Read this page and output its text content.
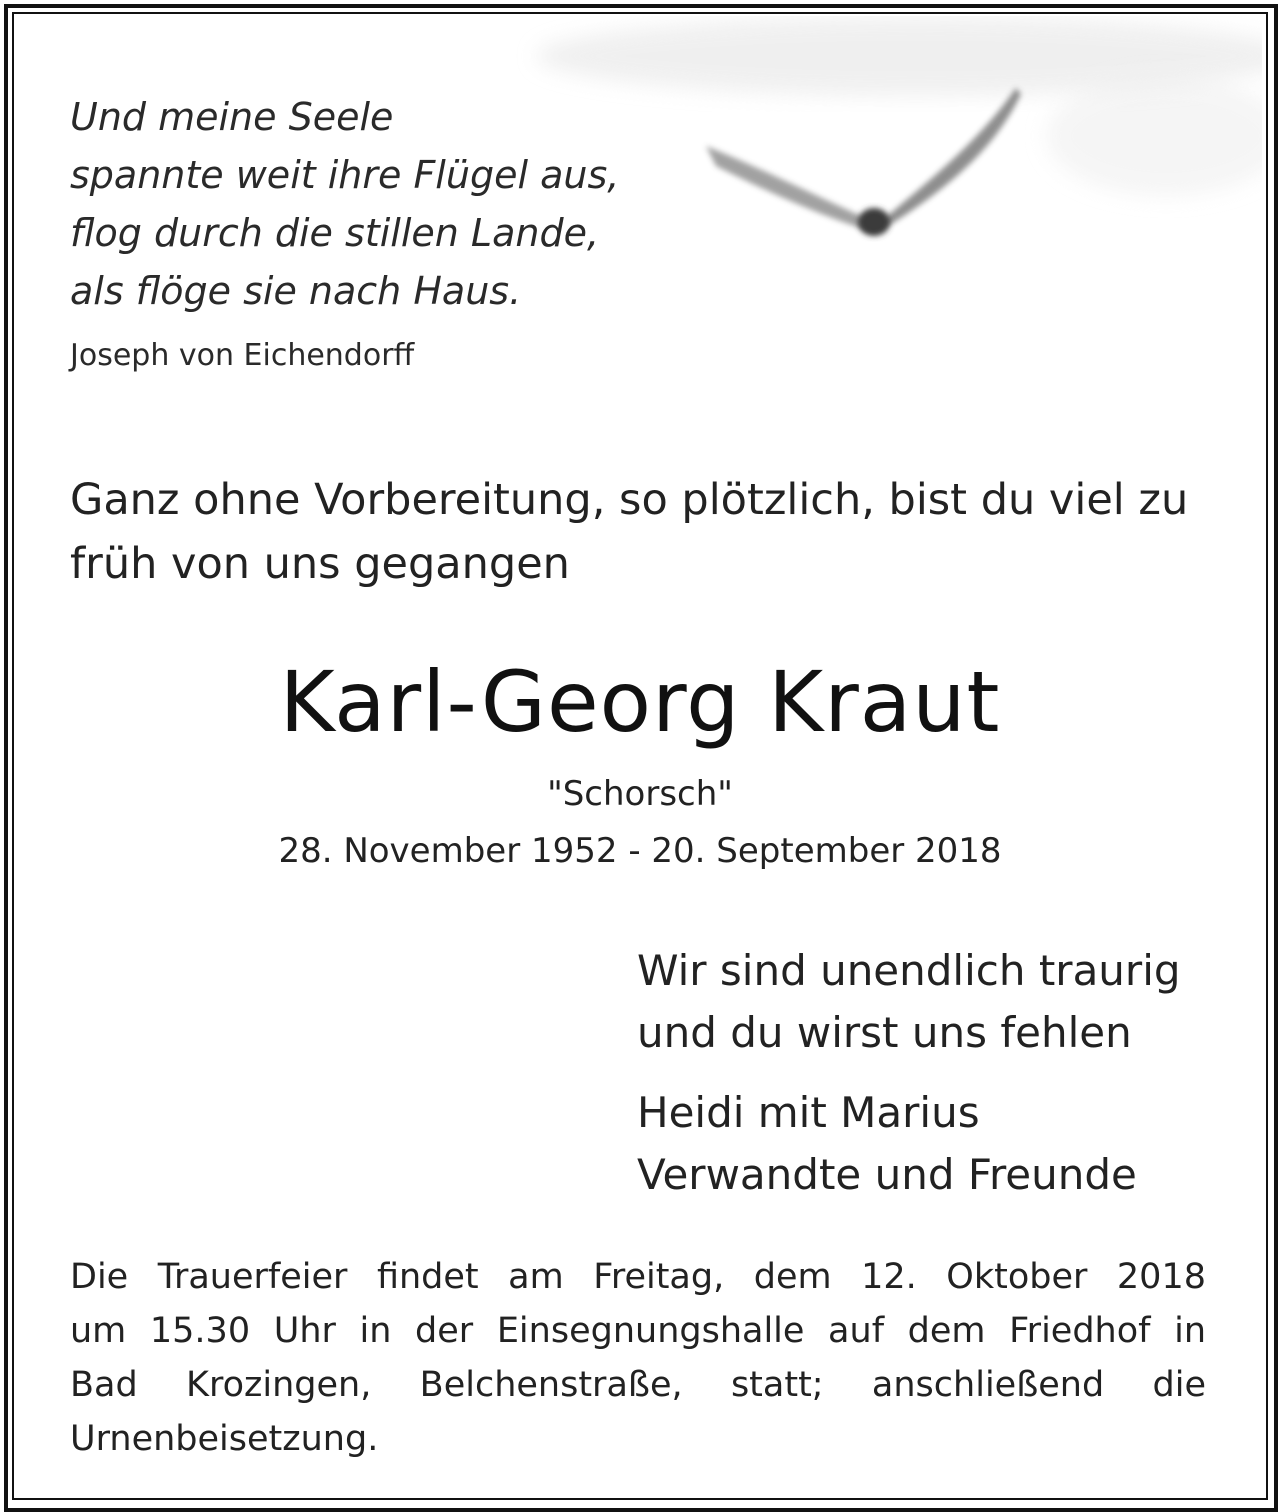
Und meine Seele
spannte weit ihre Flügel aus,
flog durch die stillen Lande,
als flöge sie nach Haus.
Joseph von Eichendorff
Ganz ohne Vorbereitung, so plötzlich, bist du viel zu
früh von uns gegangen
Karl-Georg Kraut
"Schorsch"
28. November 1952 - 20. September 2018
Wir sind unendlich traurig
und du wirst uns fehlen
Heidi mit Marius
Verwandte und Freunde
Die Trauerfeier findet am Freitag, dem 12. Oktober 2018
um 15.30 Uhr in der Einsegnungshalle auf dem Friedhof in
Bad Krozingen, Belchenstraße, statt; anschließend die
Urnenbeisetzung.
